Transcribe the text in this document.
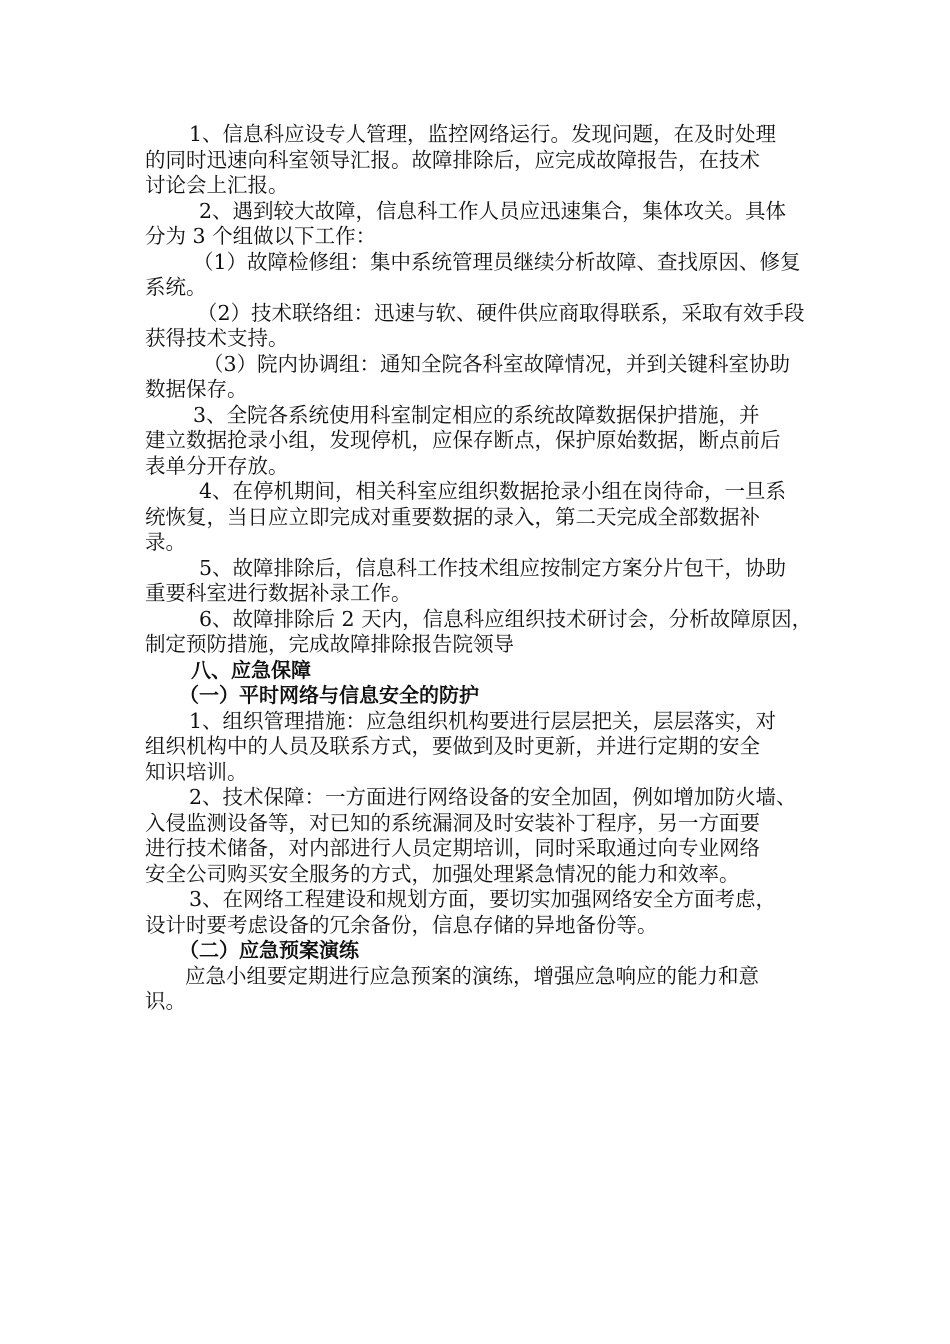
1、信息科应设专人管理，监控网络运行。发现问题，在及时处理
的同时迅速向科室领导汇报。故障排除后，应完成故障报告，在技术
讨论会上汇报。

2、遇到较大故障，信息科工作人员应迅速集合，集体攻关。具体
分为 3 个组做以下工作：

（1）故障检修组：集中系统管理员继续分析故障、查找原因、修复
系统。

（2）技术联络组：迅速与软、硬件供应商取得联系，采取有效手段
获得技术支持。

（3）院内协调组：通知全院各科室故障情况，并到关键科室协助
数据保存。

3、全院各系统使用科室制定相应的系统故障数据保护措施，并
建立数据抢录小组，发现停机，应保存断点，保护原始数据，断点前后
表单分开存放。

4、在停机期间，相关科室应组织数据抢录小组在岗待命，一旦系
统恢复，当日应立即完成对重要数据的录入，第二天完成全部数据补
录。

5、故障排除后，信息科工作技术组应按制定方案分片包干，协助
重要科室进行数据补录工作。

6、故障排除后 2 天内，信息科应组织技术研讨会，分析故障原因，
制定预防措施，完成故障排除报告院领导

八、应急保障
（一）平时网络与信息安全的防护

1、组织管理措施：应急组织机构要进行层层把关，层层落实，对
组织机构中的人员及联系方式，要做到及时更新，并进行定期的安全
知识培训。

2、技术保障：一方面进行网络设备的安全加固，例如增加防火墙、
入侵监测设备等，对已知的系统漏洞及时安装补丁程序，另一方面要
进行技术储备，对内部进行人员定期培训，同时采取通过向专业网络
安全公司购买安全服务的方式，加强处理紧急情况的能力和效率。

3、在网络工程建设和规划方面，要切实加强网络安全方面考虑，
设计时要考虑设备的冗余备份，信息存储的异地备份等。

（二）应急预案演练

应急小组要定期进行应急预案的演练，增强应急响应的能力和意
识。
